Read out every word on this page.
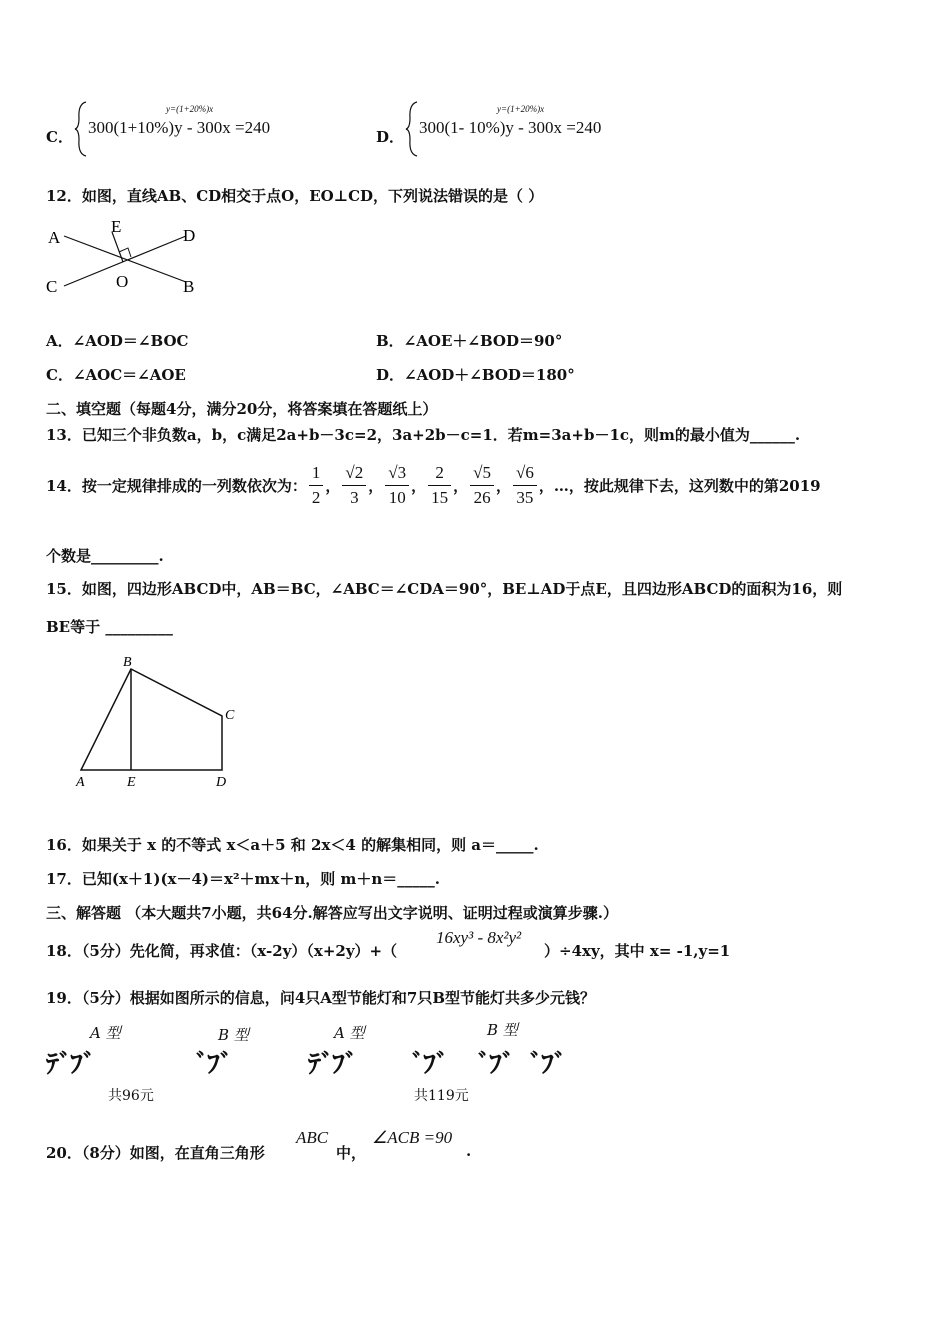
C．
y=(1+20%)x
300(1+10%)y - 300x =240	D．
y=(1+20%)x
300(1- 10%)y - 300x =240
12．如图，直线AB、CD相交于点O，EO⊥CD，下列说法错误的是（ ）
A
B
C
D
E
O
A．∠AOD＝∠BOC	B．∠AOE＋∠BOD＝90°
C．∠AOC＝∠AOE	D．∠AOD＋∠BOD＝180°
二、填空题（每题4分，满分20分，将答案填在答题纸上）
13．已知三个非负数a，b，c满足2a+b－3c=2，3a+2b－c=1．若m=3a+b－1c，则m的最小值为______.
14．按一定规律排成的一列数依次为： $\frac{1}{2}$ ， $\frac{√2}{3}$ ， $\frac{√3}{10}$ ， $\frac{2}{15}$ ， $\frac{√5}{26}$ ， $\frac{√6}{35}$ ，…，按此规律下去，这列数中的第2019
个数是_________.
15．如图，四边形ABCD中，AB＝BC，∠ABC＝∠CDA＝90°，BE⊥AD于点E，且四边形ABCD的面积为16，则
BE等于 _________
A
B
C
D
E
16．如果关于 x 的不等式 x＜a＋5 和 2x＜4 的解集相同，则 a＝_____.
17．已知(x＋1)(x－4)＝x²＋mx＋n，则 m＋n＝_____.
三、解答题 （本大题共7小题，共64分.解答应写出文字说明、证明过程或演算步骤.）
18．（5分）先化简，再求值：（x-2y）（x+2y）+（
16xy³ - 8x²y²
）÷4xy，其中 x= -1,y=1
19．（5分）根据如图所示的信息，问4只A型节能灯和7只B型节能灯共多少元钱？
A 型	B 型	A 型	B 型
ﾃﾞﾌﾞ	ﾞﾌﾞ	ﾃﾞﾌﾞ ﾞﾌﾞ ﾞﾌﾞ ﾞﾌﾞ
共96元	共119元
20．（8分）如图，在直角三角形
ABC
中，
∠ACB =90
.
